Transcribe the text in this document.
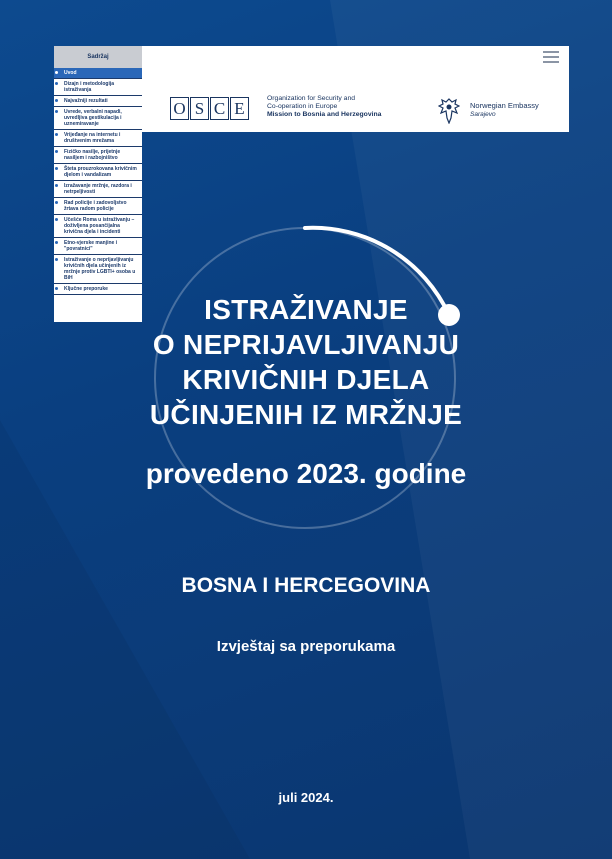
Sadržaj
Uvod
Dizajn i metodologija istraživanja
Najvažniji rezultati
Uvrede, verbalni napadi, uvredljiva gestikulacija i uznemiravanje
Vrijeđanje na internetu i društvenim mrežama
Fizičko nasilje, prijetnje nasiljem i razbojništvo
Šteta prouzrokovana krivičnim djelom i vandalizam
Izražavanje mržnje, razdora i netrpeljivosti
Rad policije i zadovoljstvo žrtava radom policije
Učešće Roma u istraživanju – doživljena posančijalna krivična djela i incidenti
Etno-vjerske manjine i "povratnici"
Istraživanje o neprijavljivanju krivičnih djela učinjenih iz mržnje protiv LGBTI+ osoba u BiH
Ključne preporuke
O S C E
Organization for Security and
Co-operation in Europe
Mission to Bosnia and Herzegovina
Norwegian Embassy
Sarajevo
ISTRAŽIVANJE
O NEPRIJAVLJIVANJU
KRIVIČNIH DJELA
UČINJENIH IZ MRŽNJE
provedeno 2023. godine
BOSNA I HERCEGOVINA
Izvještaj sa preporukama
juli 2024.
